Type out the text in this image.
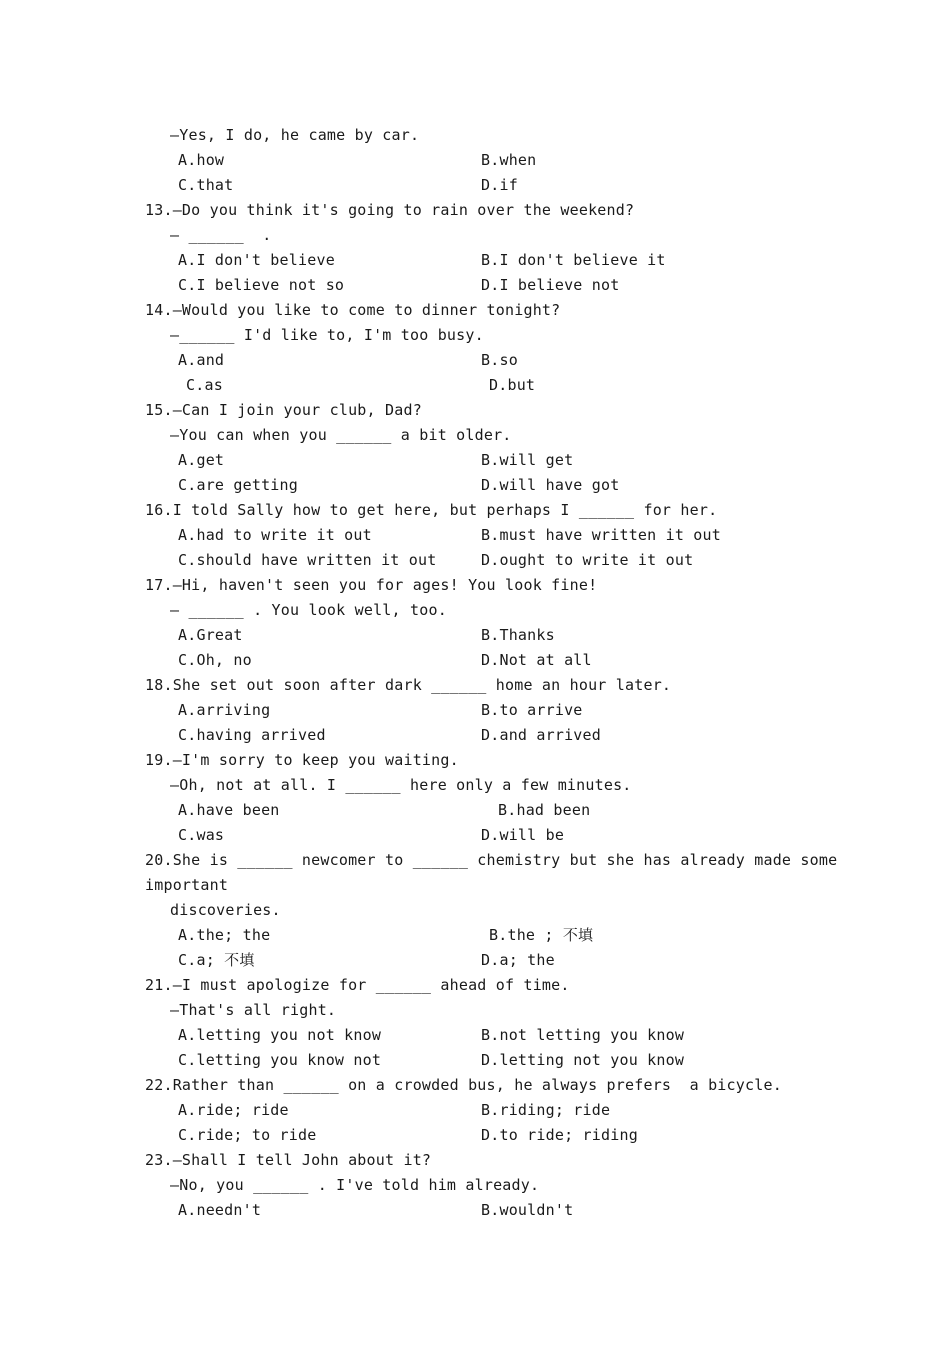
—Yes, I do, he came by car.
A.how	B.when
C.that	D.if
13.—Do you think it's going to rain over the weekend?
— ______  .
A.I don't believe	B.I don't believe it
C.I believe not so	D.I believe not
14.—Would you like to come to dinner tonight?
—______ I'd like to, I'm too busy.
A.and	B.so
C.as	D.but
15.—Can I join your club, Dad?
—You can when you ______ a bit older.
A.get	B.will get
C.are getting	D.will have got
16.I told Sally how to get here, but perhaps I ______ for her.
A.had to write it out	B.must have written it out
C.should have written it out	D.ought to write it out
17.—Hi, haven't seen you for ages! You look fine!
— ______ . You look well, too.
A.Great	B.Thanks
C.Oh, no	D.Not at all
18.She set out soon after dark ______ home an hour later.
A.arriving	B.to arrive
C.having arrived	D.and arrived
19.—I'm sorry to keep you waiting.
—Oh, not at all. I ______ here only a few minutes.
A.have been	B.had been
C.was	D.will be
20.She is ______ newcomer to ______ chemistry but she has already made some
important
discoveries.
A.the; the	B.the ; 不填
C.a; 不填	D.a; the
21.—I must apologize for ______ ahead of time.
—That's all right.
A.letting you not know	B.not letting you know
C.letting you know not	D.letting not you know
22.Rather than ______ on a crowded bus, he always prefers  a bicycle.
A.ride; ride	B.riding; ride
C.ride; to ride	D.to ride; riding
23.—Shall I tell John about it?
—No, you ______ . I've told him already.
A.needn't	B.wouldn't
